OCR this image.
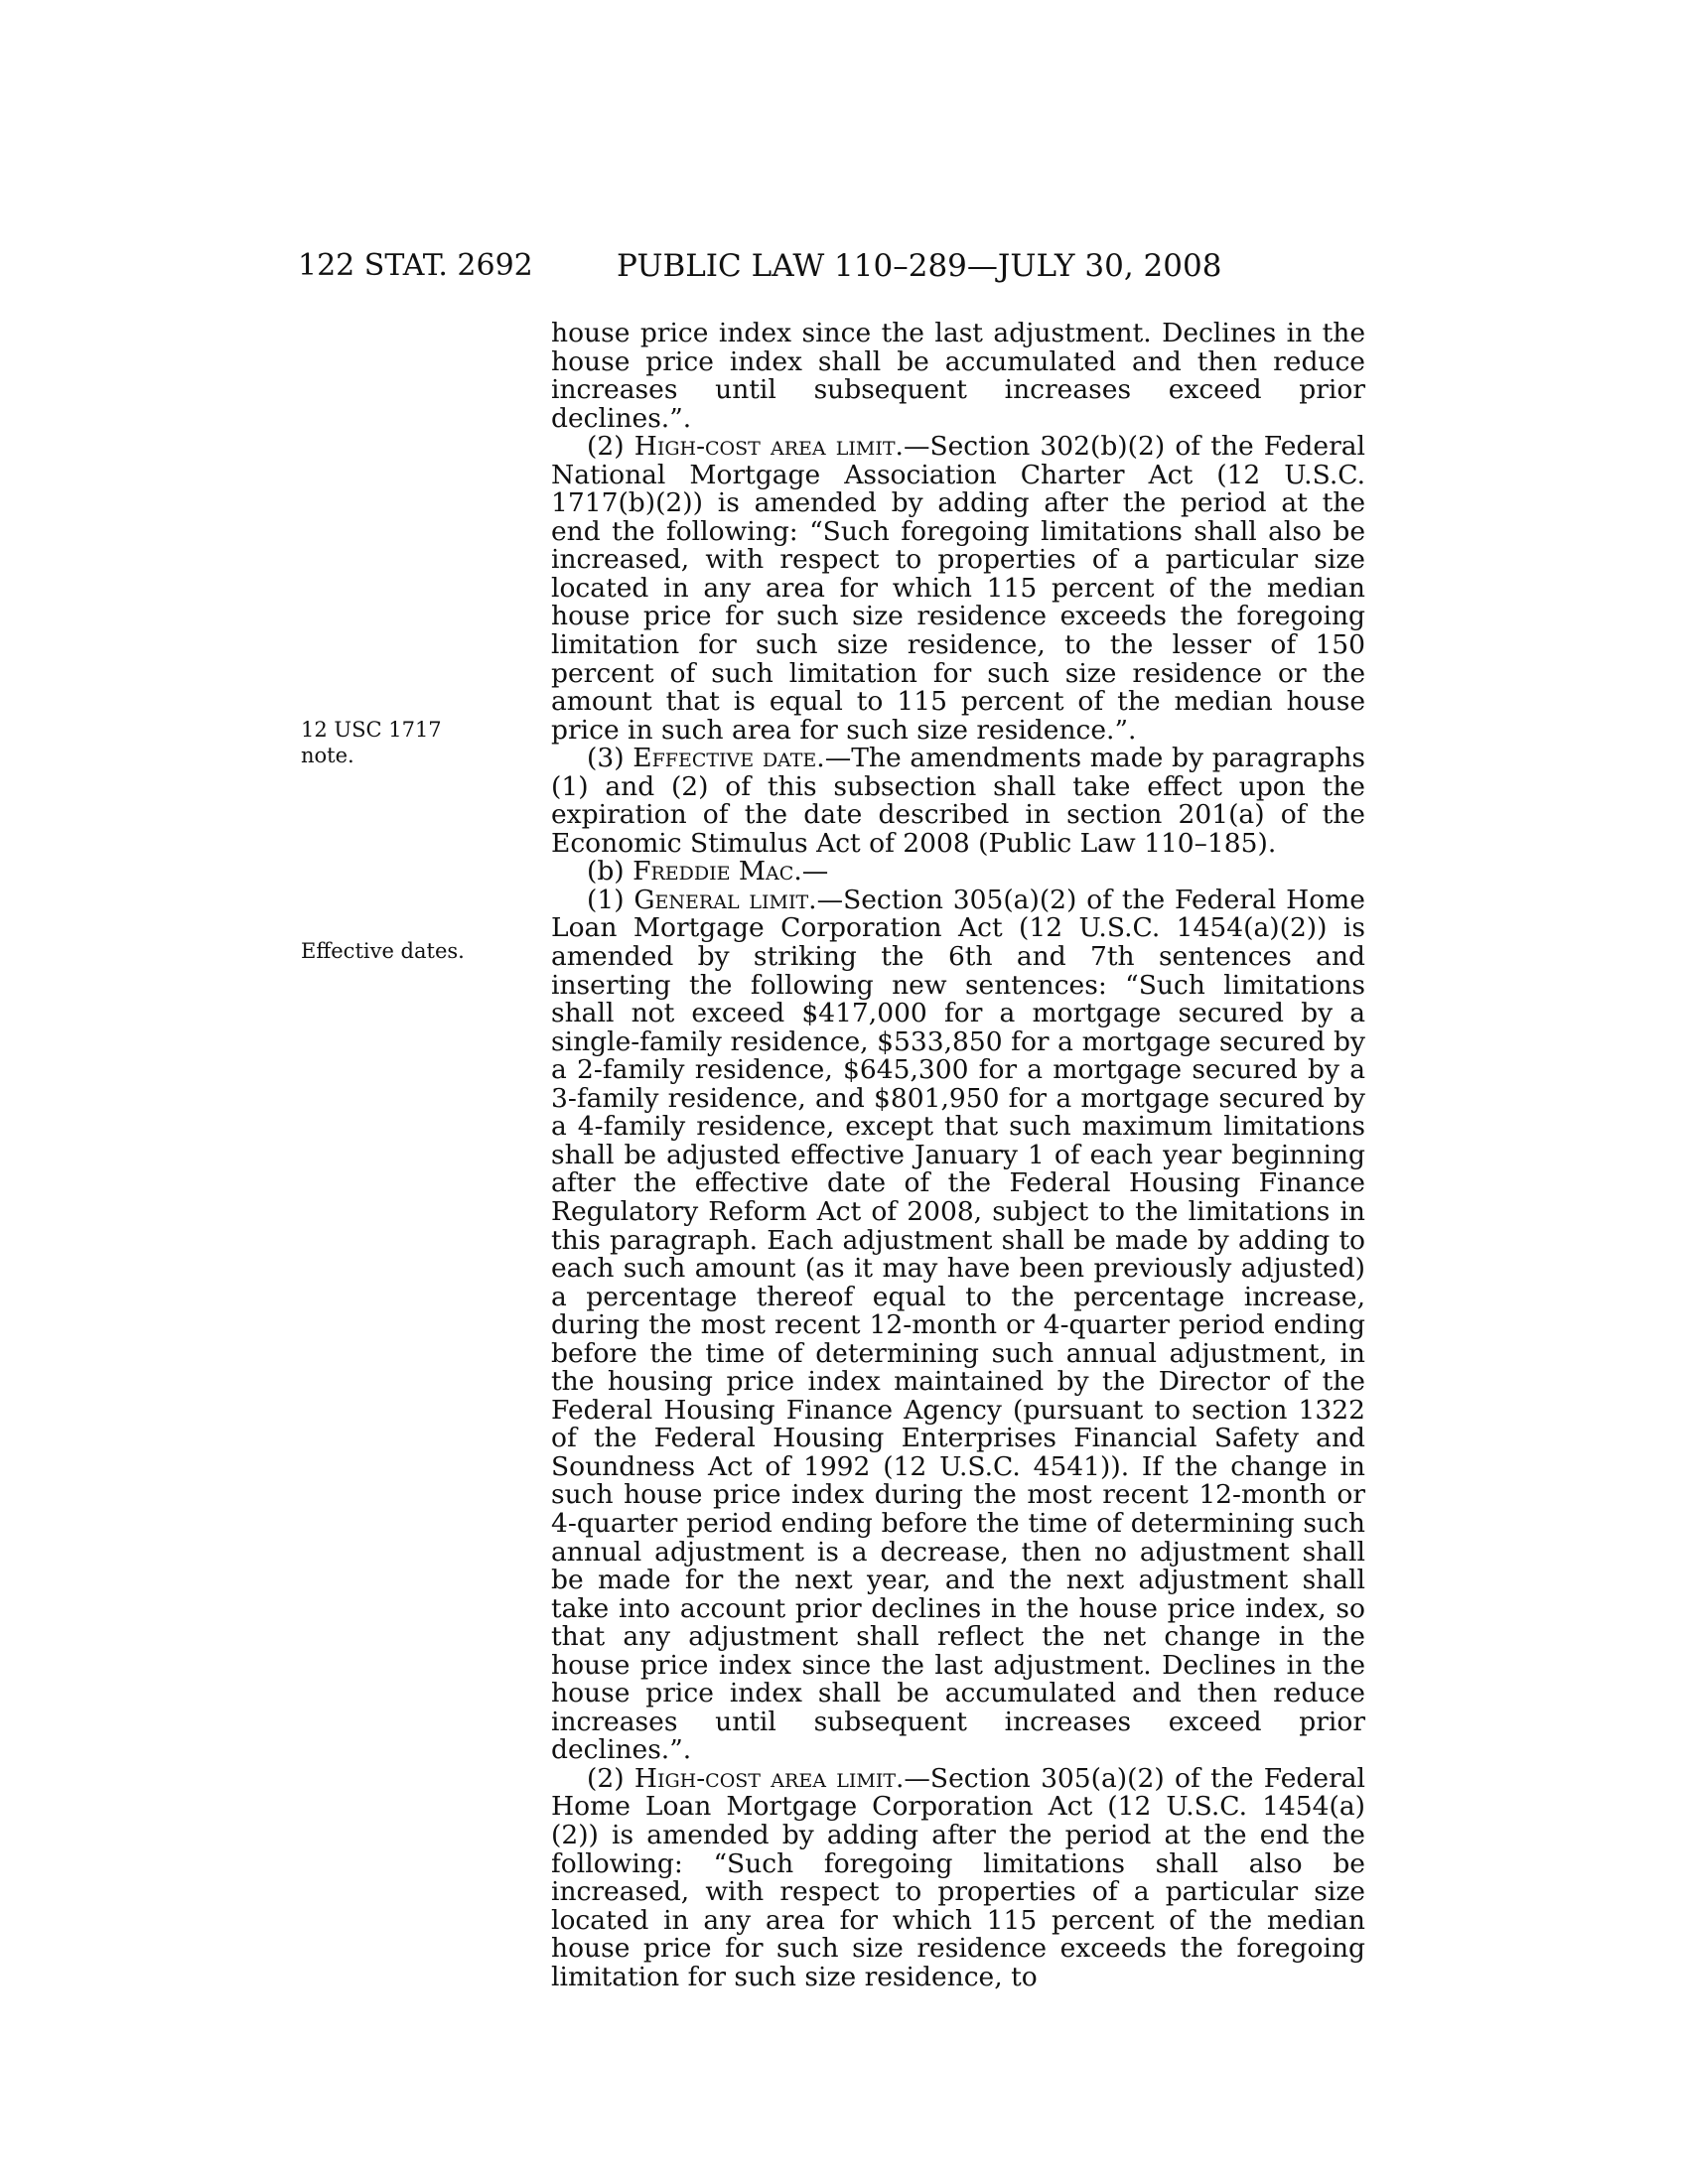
122 STAT. 2692	PUBLIC LAW 110–289—JULY 30, 2008
12 USC 1717
note.
Effective dates.

house price index since the last adjustment. Declines in the house price index shall be accumulated and then reduce increases until subsequent increases exceed prior declines.”.

(2) High-cost area limit.—Section 302(b)(2) of the Federal National Mortgage Association Charter Act (12 U.S.C. 1717(b)(2)) is amended by adding after the period at the end the following: “Such foregoing limitations shall also be increased, with respect to properties of a particular size located in any area for which 115 percent of the median house price for such size residence exceeds the foregoing limitation for such size residence, to the lesser of 150 percent of such limitation for such size residence or the amount that is equal to 115 percent of the median house price in such area for such size residence.”.

(3) Effective date.—The amendments made by paragraphs (1) and (2) of this subsection shall take effect upon the expiration of the date described in section 201(a) of the Economic Stimulus Act of 2008 (Public Law 110–185).

(b) Freddie Mac.—

(1) General limit.—Section 305(a)(2) of the Federal Home Loan Mortgage Corporation Act (12 U.S.C. 1454(a)(2)) is amended by striking the 6th and 7th sentences and inserting the following new sentences: “Such limitations shall not exceed $417,000 for a mortgage secured by a single-family residence, $533,850 for a mortgage secured by a 2-family residence, $645,300 for a mortgage secured by a 3-family residence, and $801,950 for a mortgage secured by a 4-family residence, except that such maximum limitations shall be adjusted effective January 1 of each year beginning after the effective date of the Federal Housing Finance Regulatory Reform Act of 2008, subject to the limitations in this paragraph. Each adjustment shall be made by adding to each such amount (as it may have been previously adjusted) a percentage thereof equal to the percentage increase, during the most recent 12-month or 4-quarter period ending before the time of determining such annual adjustment, in the housing price index maintained by the Director of the Federal Housing Finance Agency (pursuant to section 1322 of the Federal Housing Enterprises Financial Safety and Soundness Act of 1992 (12 U.S.C. 4541)). If the change in such house price index during the most recent 12-month or 4-quarter period ending before the time of determining such annual adjustment is a decrease, then no adjustment shall be made for the next year, and the next adjustment shall take into account prior declines in the house price index, so that any adjustment shall reflect the net change in the house price index since the last adjustment. Declines in the house price index shall be accumulated and then reduce increases until subsequent increases exceed prior declines.”.

(2) High-cost area limit.—Section 305(a)(2) of the Federal Home Loan Mortgage Corporation Act (12 U.S.C. 1454(a)(2)) is amended by adding after the period at the end the following: “Such foregoing limitations shall also be increased, with respect to properties of a particular size located in any area for which 115 percent of the median house price for such size residence exceeds the foregoing limitation for such size residence, to
